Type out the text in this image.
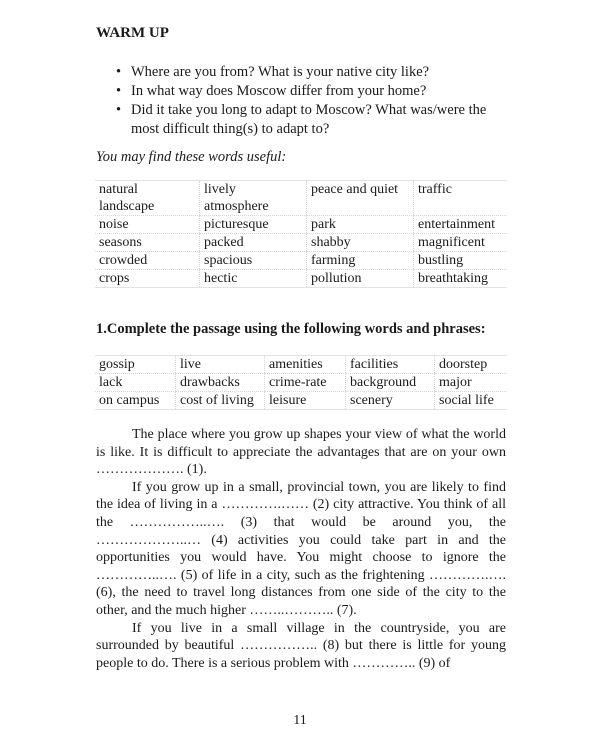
WARM UP
• Where are you from? What is your native city like?
• In what way does Moscow differ from your home?
• Did it take you long to adapt to Moscow? What was/were the most difficult thing(s) to adapt to?

You may find these words useful:

natural landscape	lively atmosphere	peace and quiet	traffic
noise	picturesque	park	entertainment
seasons	packed	shabby	magnificent
crowded	spacious	farming	bustling
crops	hectic	pollution	breathtaking
1.Complete the passage using the following words and phrases:
gossip	live	amenities	facilities	doorstep
lack	drawbacks	crime-rate	background	major
on campus	cost of living	leisure	scenery	social life

The place where you grow up shapes your view of what the world is like. It is difficult to appreciate the advantages that are on your own ………………. (1).

If you grow up in a small, provincial town, you are likely to find the idea of living in a ………….…… (2) city attractive. You think of all the ……………..…. (3) that would be around you, the ………………..… (4) activities you could take part in and the opportunities you would have. You might choose to ignore the …………..…. (5) of life in a city, such as the frightening ………….…. (6), the need to travel long distances from one side of the city to the other, and the much higher ……..……….. (7).

If you live in a small village in the countryside, you are surrounded by beautiful …………….. (8) but there is little for young people to do. There is a serious problem with ………….. (9) of

11
